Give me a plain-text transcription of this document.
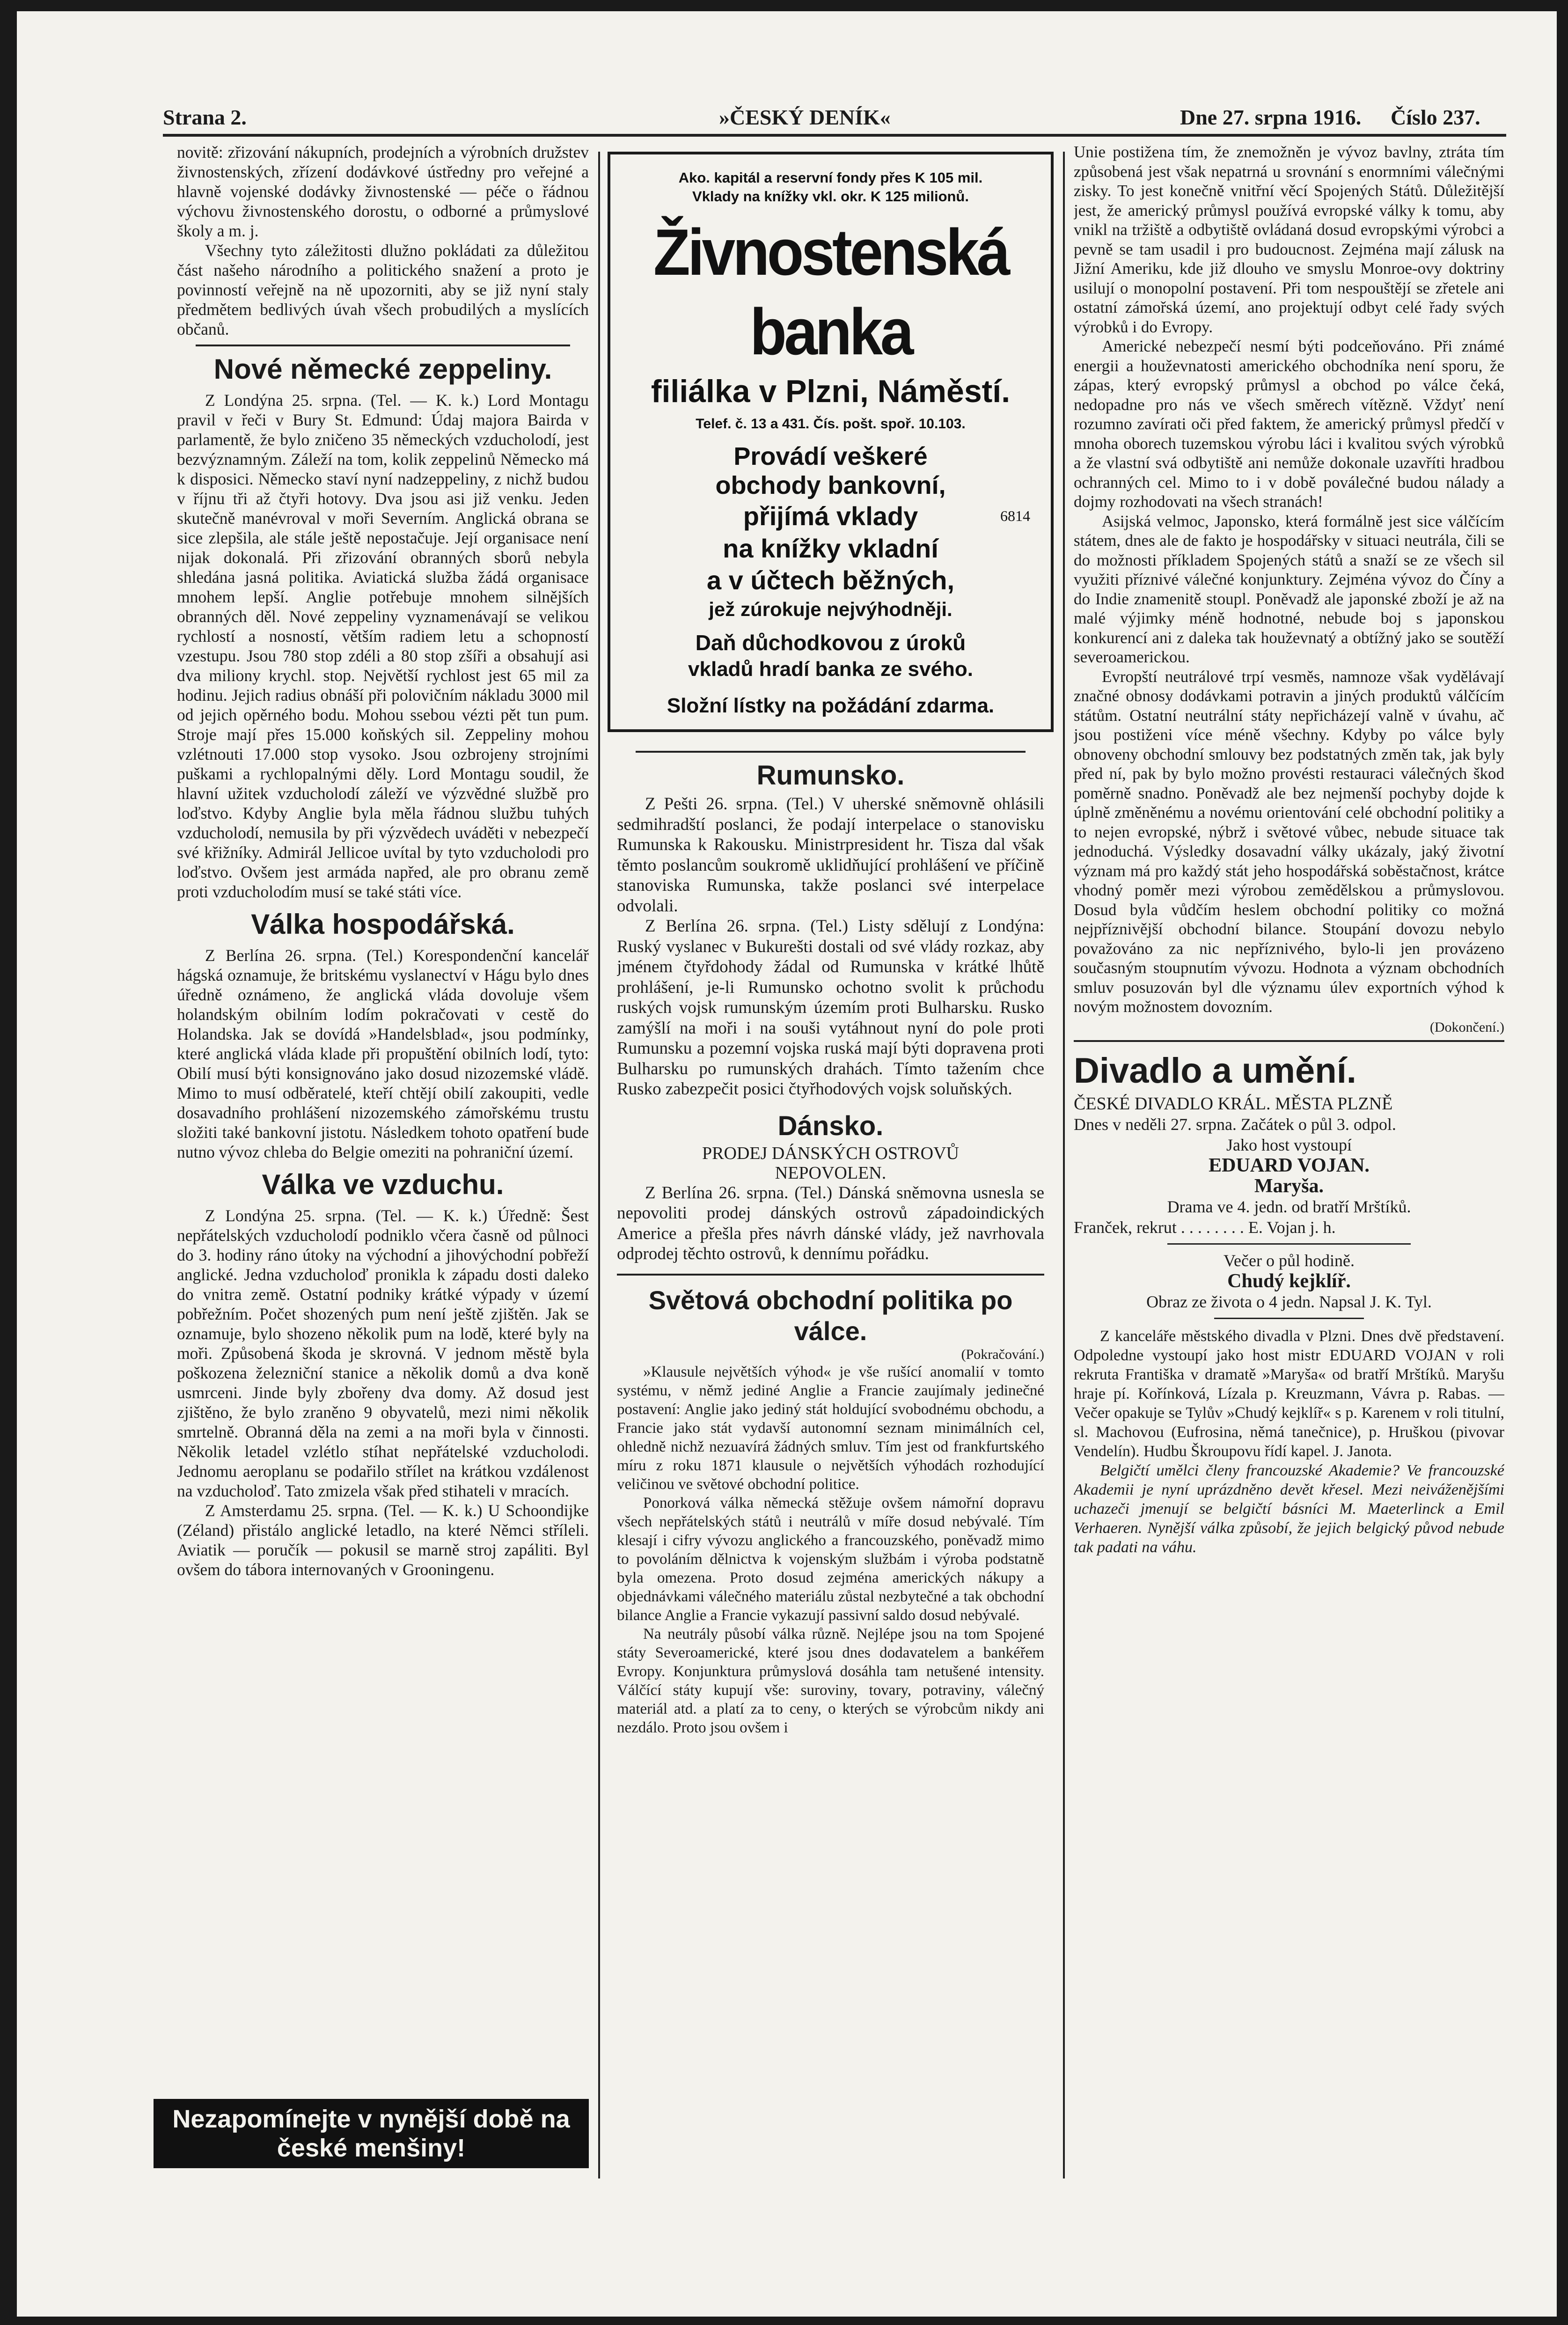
Strana 2.	»ČESKÝ DENÍK«	Dne 27. srpna 1916. Číslo 237.

novitě: zřizování nákupních, prodejních a výrobních družstev živnostenských, zřízení dodávkové ústředny pro veřejné a hlavně vojenské dodávky živnostenské — péče o řádnou výchovu živnostenského dorostu, o odborné a průmyslové školy a m. j.

Všechny tyto záležitosti dlužno pokládati za důležitou část našeho národního a politického snažení a proto je povinností veřejně na ně upozorniti, aby se již nyní staly předmětem bedlivých úvah všech probudilých a myslících občanů.

Nové německé zeppeliny.

Z Londýna 25. srpna. (Tel. — K. k.) Lord Montagu pravil v řeči v Bury St. Edmund: Údaj majora Bairda v parlamentě, že bylo zničeno 35 německých vzducholodí, jest bezvýznamným. Záleží na tom, kolik zeppelinů Německo má k disposici. Německo staví nyní nadzeppeliny, z nichž budou v říjnu tři až čtyři hotovy. Dva jsou asi již venku. Jeden skutečně manévroval v moři Severním. Anglická obrana se sice zlepšila, ale stále ještě nepostačuje. Její organisace není nijak dokonalá. Při zřizování obranných sborů nebyla shledána jasná politika. Aviatická služba žádá organisace mnohem lepší. Anglie potřebuje mnohem silnějších obranných děl. Nové zeppeliny vyznamenávají se velikou rychlostí a nosností, větším radiem letu a schopností vzestupu. Jsou 780 stop zdéli a 80 stop zšíři a obsahují asi dva miliony krychl. stop. Největší rychlost jest 65 mil za hodinu. Jejich radius obnáší při polovičním nákladu 3000 mil od jejich opěrného bodu. Mohou ssebou vézti pět tun pum. Stroje mají přes 15.000 koňských sil. Zeppeliny mohou vzlétnouti 17.000 stop vysoko. Jsou ozbrojeny strojními puškami a rychlopalnými děly. Lord Montagu soudil, že hlavní užitek vzducholodí záleží ve výzvědné službě pro loďstvo. Kdyby Anglie byla měla řádnou službu tuhých vzducholodí, nemusila by při výzvědech uváděti v nebezpečí své křižníky. Admirál Jellicoe uvítal by tyto vzducholodi pro loďstvo. Ovšem jest armáda napřed, ale pro obranu země proti vzducholodím musí se také státi více.

Válka hospodářská.

Z Berlína 26. srpna. (Tel.) Korespondenční kancelář hágská oznamuje, že britskému vyslanectví v Hágu bylo dnes úředně oznámeno, že anglická vláda dovoluje všem holandským obilním lodím pokračovati v cestě do Holandska. Jak se dovídá »Handelsblad«, jsou podmínky, které anglická vláda klade při propuštění obilních lodí, tyto: Obilí musí býti konsignováno jako dosud nizozemské vládě. Mimo to musí odběratelé, kteří chtějí obilí zakoupiti, vedle dosavadního prohlášení nizozemského zámořskému trustu složiti také bankovní jistotu. Následkem tohoto opatření bude nutno vývoz chleba do Belgie omeziti na pohraniční území.

Válka ve vzduchu.

Z Londýna 25. srpna. (Tel. — K. k.) Úředně: Šest nepřátelských vzducholodí podniklo včera časně od půlnoci do 3. hodiny ráno útoky na východní a jihovýchodní pobřeží anglické. Jedna vzducholoď pronikla k západu dosti daleko do vnitra země. Ostatní podniky krátké výpady v území pobřežním. Počet shozených pum není ještě zjištěn. Jak se oznamuje, bylo shozeno několik pum na lodě, které byly na moři. Způsobená škoda je skrovná. V jednom městě byla poškozena železniční stanice a několik domů a dva koně usmrceni. Jinde byly zbořeny dva domy. Až dosud jest zjištěno, že bylo zraněno 9 obyvatelů, mezi nimi několik smrtelně. Obranná děla na zemi a na moři byla v činnosti. Několik letadel vzlétlo stíhat nepřátelské vzducholodi. Jednomu aeroplanu se podařilo střílet na krátkou vzdálenost na vzducholoď. Tato zmizela však před stihateli v mracích.

Z Amsterdamu 25. srpna. (Tel. — K. k.) U Schoondijke (Zéland) přistálo anglické letadlo, na které Němci stříleli. Aviatik — poručík — pokusil se marně stroj zapáliti. Byl ovšem do tábora internovaných v Grooningenu.

Nezapomínejte v nynější době na české menšiny!
Ako. kapitál a reservní fondy přes K 105 mil.
Vklady na knížky vkl. okr. K 125 milionů.
Živnostenská banka
filiálka v Plzni, Náměstí.
Telef. č. 13 a 431. Čís. pošt. spoř. 10.103.
Provádí veškeré
obchody bankovní,
přijímá vklady	6814
na knížky vkladní
a v účtech běžných,
jež zúrokuje nejvýhodněji.
Daň důchodkovou z úroků
vkladů hradí banka ze svého.
Složní lístky na požádání zdarma.
Rumunsko.

Z Pešti 26. srpna. (Tel.) V uherské sněmovně ohlásili sedmihradští poslanci, že podají interpelace o stanovisku Rumunska k Rakousku. Ministrpresident hr. Tisza dal však těmto poslancům soukromě uklidňující prohlášení ve příčině stanoviska Rumunska, takže poslanci své interpelace odvolali.

Z Berlína 26. srpna. (Tel.) Listy sdělují z Londýna: Ruský vyslanec v Bukurešti dostali od své vlády rozkaz, aby jménem čtyřdohody žádal od Rumunska v krátké lhůtě prohlášení, je-li Rumunsko ochotno svolit k průchodu ruských vojsk rumunským územím proti Bulharsku. Rusko zamýšlí na moři i na souši vytáhnout nyní do pole proti Rumunsku a pozemní vojska ruská mají býti dopravena proti Bulharsku po rumunských drahách. Tímto tažením chce Rusko zabezpečit posici čtyřhodových vojsk soluňských.

Dánsko.

PRODEJ DÁNSKÝCH OSTROVŮ NEPOVOLEN.

Z Berlína 26. srpna. (Tel.) Dánská sněmovna usnesla se nepovoliti prodej dánských ostrovů západoindických Americe a přešla přes návrh dánské vlády, jež navrhovala odprodej těchto ostrovů, k dennímu pořádku.

Světová obchodní politika po válce.

(Pokračování.)

»Klausule největších výhod« je vše rušící anomalií v tomto systému, v němž jediné Anglie a Francie zaujímaly jedinečné postavení: Anglie jako jediný stát holdující svobodnému obchodu, a Francie jako stát vydavší autonomní seznam minimálních cel, ohledně nichž nezuavírá žádných smluv. Tím jest od frankfurtského míru z roku 1871 klausule o největších výhodách rozhodující veličinou ve světové obchodní politice.

Ponorková válka německá stěžuje ovšem námořní dopravu všech nepřátelských států i neutrálů v míře dosud nebývalé. Tím klesají i cifry vývozu anglického a francouzského, poněvadž mimo to povoláním dělnictva k vojenským službám i výroba podstatně byla omezena. Proto dosud zejména amerických nákupy a objednávkami válečného materiálu zůstal nezbytečné a tak obchodní bilance Anglie a Francie vykazují passivní saldo dosud nebývalé.

Na neutrály působí válka různě. Nejlépe jsou na tom Spojené státy Severoamerické, které jsou dnes dodavatelem a bankéřem Evropy. Konjunktura průmyslová dosáhla tam netušené intensity. Válčící státy kupují vše: suroviny, tovary, potraviny, válečný materiál atd. a platí za to ceny, o kterých se výrobcům nikdy ani nezdálo. Proto jsou ovšem i

Unie postižena tím, že znemožněn je vývoz bavlny, ztráta tím způsobená jest však nepatrná u srovnání s enormními válečnými zisky. To jest konečně vnitřní věcí Spojených Států. Důležitější jest, že americký průmysl používá evropské války k tomu, aby vnikl na tržiště a odbytiště ovládaná dosud evropskými výrobci a pevně se tam usadil i pro budoucnost. Zejména mají zálusk na Jižní Ameriku, kde již dlouho ve smyslu Monroe-ovy doktriny usilují o monopolní postavení. Při tom nespouštějí se zřetele ani ostatní zámořská území, ano projektují odbyt celé řady svých výrobků i do Evropy.

Americké nebezpečí nesmí býti podceňováno. Při známé energii a houževnatosti amerického obchodníka není sporu, že zápas, který evropský průmysl a obchod po válce čeká, nedopadne pro nás ve všech směrech vítězně. Vždyť není rozumno zavírati oči před faktem, že americký průmysl předčí v mnoha oborech tuzemskou výrobu láci i kvalitou svých výrobků a že vlastní svá odbytiště ani nemůže dokonale uzavříti hradbou ochranných cel. Mimo to i v době poválečné budou nálady a dojmy rozhodovati na všech stranách!

Asijská velmoc, Japonsko, která formálně jest sice válčícím státem, dnes ale de fakto je hospodářsky v situaci neutrála, čili se do možnosti příkladem Spojených států a snaží se ze všech sil využiti příznivé válečné konjunktury. Zejména vývoz do Číny a do Indie znamenitě stoupl. Poněvadž ale japonské zboží je až na malé výjimky méně hodnotné, nebude boj s japonskou konkurencí ani z daleka tak houževnatý a obtížný jako se soutěží severoamerickou.

Evropští neutrálové trpí vesměs, namnoze však vydělávají značné obnosy dodávkami potravin a jiných produktů válčícím státům. Ostatní neutrální státy nepřicházejí valně v úvahu, ač jsou postiženi více méně všechny. Kdyby po válce byly obnoveny obchodní smlouvy bez podstatných změn tak, jak byly před ní, pak by bylo možno provésti restauraci válečných škod poměrně snadno. Poněvadž ale bez nejmenší pochyby dojde k úplně změněnému a novému orientování celé obchodní politiky a to nejen evropské, nýbrž i světové vůbec, nebude situace tak jednoduchá. Výsledky dosavadní války ukázaly, jaký životní význam má pro každý stát jeho hospodářská soběstačnost, krátce vhodný poměr mezi výrobou zemědělskou a průmyslovou. Dosud byla vůdčím heslem obchodní politiky co možná nejpříznivější obchodní bilance. Stoupání dovozu nebylo považováno za nic nepříznivého, bylo-li jen provázeno současným stoupnutím vývozu. Hodnota a význam obchodních smluv posuzován byl dle významu úlev exportních výhod k novým možnostem dovozním.

(Dokončení.)

Divadlo a umění.

ČESKÉ DIVADLO KRÁL. MĚSTA PLZNĚ

Dnes v neděli 27. srpna. Začátek o půl 3. odpol.

Jako host vystoupí

EDUARD VOJAN.

Maryša.

Drama ve 4. jedn. od bratří Mrštíků.

Franček, rekrut . . . . . . . . E. Vojan j. h.

Večer o půl hodině.

Chudý kejklíř.

Obraz ze života o 4 jedn. Napsal J. K. Tyl.

Z kanceláře městského divadla v Plzni. Dnes dvě představení. Odpoledne vystoupí jako host mistr EDUARD VOJAN v roli rekruta Františka v dramatě »Maryša« od bratří Mrštíků. Maryšu hraje pí. Kořínková, Lízala p. Kreuzmann, Vávra p. Rabas. — Večer opakuje se Tylův »Chudý kejklíř« s p. Karenem v roli titulní, sl. Machovou (Eufrosina, němá tanečnice), p. Hruškou (pivovar Vendelín). Hudbu Škroupovu řídí kapel. J. Janota.

Belgičtí umělci členy francouzské Akademie? Ve francouzské Akademii je nyní uprázdněno devět křesel. Mezi neiváženějšími uchazeči jmenují se belgičtí básníci M. Maeterlinck a Emil Verhaeren. Nynější válka způsobí, že jejich belgický původ nebude tak padati na váhu.
